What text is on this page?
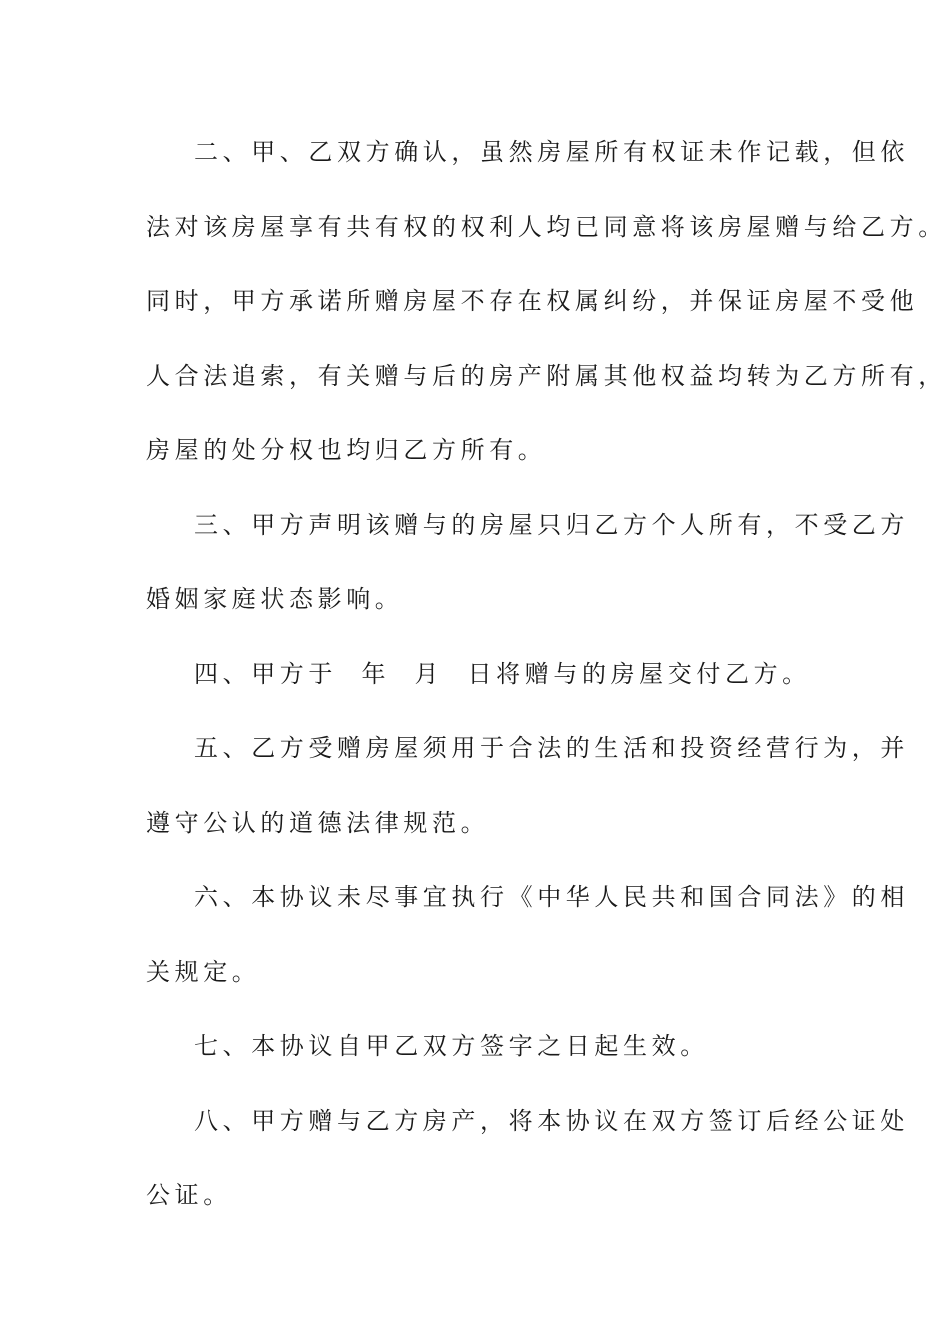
二、甲、乙双方确认，虽然房屋所有权证未作记载，但依
法对该房屋享有共有权的权利人均已同意将该房屋赠与给乙方。
同时，甲方承诺所赠房屋不存在权属纠纷，并保证房屋不受他
人合法追索，有关赠与后的房产附属其他权益均转为乙方所有，
房屋的处分权也均归乙方所有。
三、甲方声明该赠与的房屋只归乙方个人所有，不受乙方
婚姻家庭状态影响。
四、甲方于  年  月  日将赠与的房屋交付乙方。
五、乙方受赠房屋须用于合法的生活和投资经营行为，并
遵守公认的道德法律规范。
六、本协议未尽事宜执行《中华人民共和国合同法》的相
关规定。
七、本协议自甲乙双方签字之日起生效。
八、甲方赠与乙方房产，将本协议在双方签订后经公证处
公证。
